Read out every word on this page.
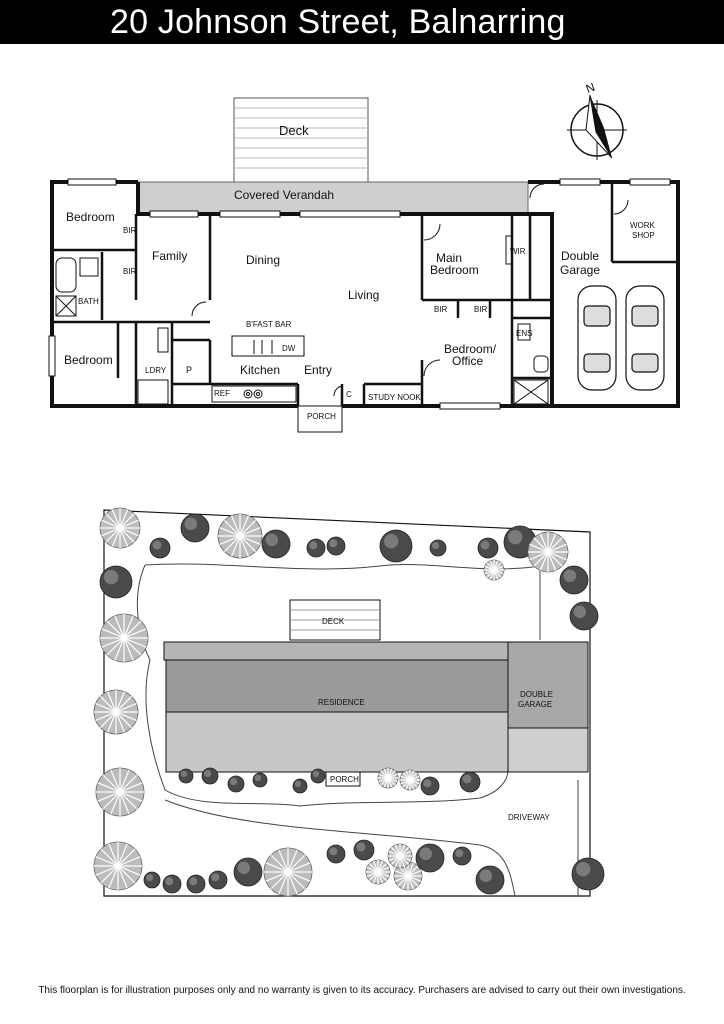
20 Johnson Street, Balnarring
N
Deck
Covered Verandah
Bedroom
BIR
BIR
BATH
Bedroom
LDRY P
REF
Family	Dining
Living
B'FAST BAR
DW
Kitchen Entry
C
PORCH
STUDY NOOK
Main Bedroom
WIR
BIR	BIR
Bedroom/ Office
ENS
Double Garage
WORK SHOP
DECK
RESIDENCE
DOUBLE GARAGE
PORCH
DRIVEWAY
This floorplan is for illustration purposes only and no warranty is given to its accuracy. Purchasers are advised to carry out their own investigations.
